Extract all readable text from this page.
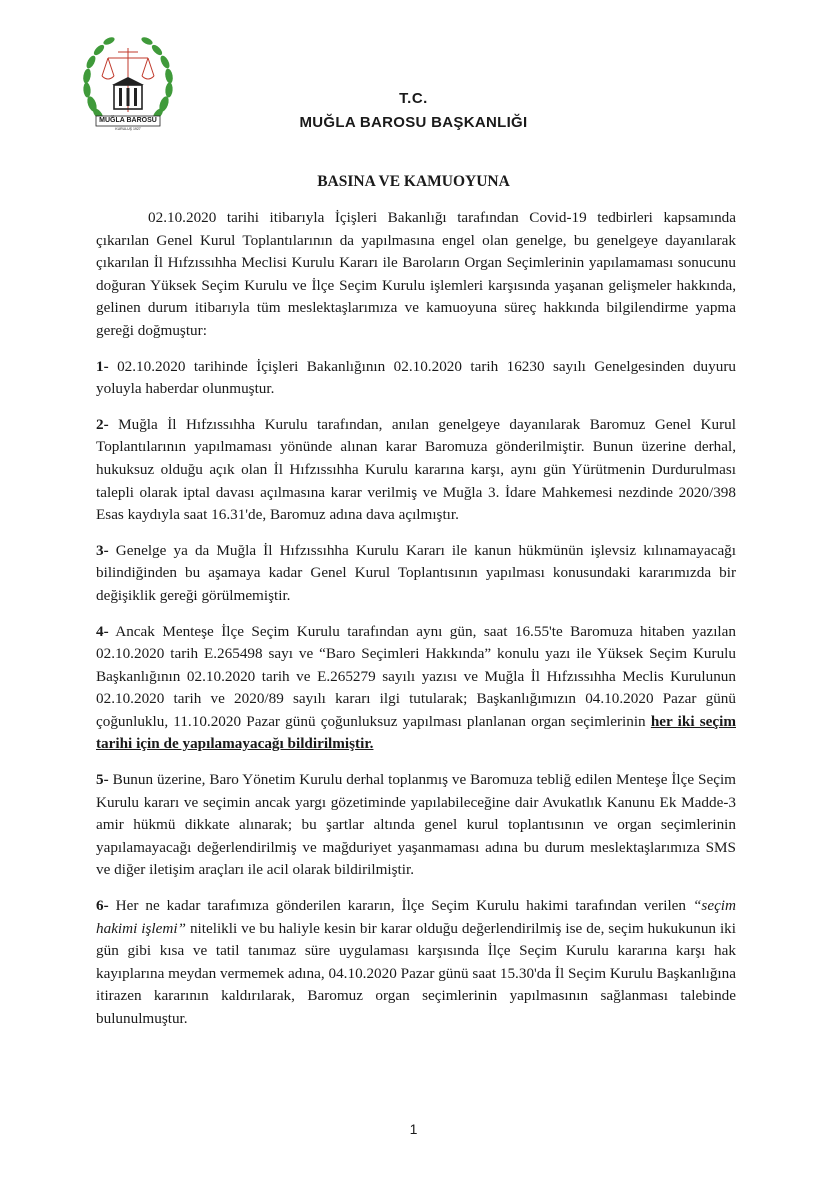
MUĞLA BAROSU
KURULUŞ 1927
T.C.
MUĞLA BAROSU BAŞKANLIĞI
BASINA VE KAMUOYUNA

02.10.2020 tarihi itibarıyla İçişleri Bakanlığı tarafından Covid-19 tedbirleri kapsamında çıkarılan Genel Kurul Toplantılarının da yapılmasına engel olan genelge, bu genelgeye dayanılarak çıkarılan İl Hıfzıssıhha Meclisi Kurulu Kararı ile Baroların Organ Seçimlerinin yapılamaması sonucunu doğuran Yüksek Seçim Kurulu ve İlçe Seçim Kurulu işlemleri karşısında yaşanan gelişmeler hakkında, gelinen durum itibarıyla tüm meslektaşlarımıza ve kamuoyuna süreç hakkında bilgilendirme yapma gereği doğmuştur:

1- 02.10.2020 tarihinde İçişleri Bakanlığının 02.10.2020 tarih 16230 sayılı Genelgesinden duyuru yoluyla haberdar olunmuştur.

2- Muğla İl Hıfzıssıhha Kurulu tarafından, anılan genelgeye dayanılarak Baromuz Genel Kurul Toplantılarının yapılmaması yönünde alınan karar Baromuza gönderilmiştir. Bunun üzerine derhal, hukuksuz olduğu açık olan İl Hıfzıssıhha Kurulu kararına karşı, aynı gün Yürütmenin Durdurulması talepli olarak iptal davası açılmasına karar verilmiş ve Muğla 3. İdare Mahkemesi nezdinde 2020/398 Esas kaydıyla saat 16.31'de, Baromuz adına dava açılmıştır.

3- Genelge ya da Muğla İl Hıfzıssıhha Kurulu Kararı ile kanun hükmünün işlevsiz kılınamayacağı bilindiğinden bu aşamaya kadar Genel Kurul Toplantısının yapılması konusundaki kararımızda bir değişiklik gereği görülmemiştir.

4- Ancak Menteşe İlçe Seçim Kurulu tarafından aynı gün, saat 16.55'te Baromuza hitaben yazılan 02.10.2020 tarih E.265498 sayı ve “Baro Seçimleri Hakkında” konulu yazı ile Yüksek Seçim Kurulu Başkanlığının 02.10.2020 tarih ve E.265279 sayılı yazısı ve Muğla İl Hıfzıssıhha Meclis Kurulunun 02.10.2020 tarih ve 2020/89 sayılı kararı ilgi tutularak; Başkanlığımızın 04.10.2020 Pazar günü çoğunluklu, 11.10.2020 Pazar günü çoğunluksuz yapılması planlanan organ seçimlerinin her iki seçim tarihi için de yapılamayacağı bildirilmiştir.

5- Bunun üzerine, Baro Yönetim Kurulu derhal toplanmış ve Baromuza tebliğ edilen Menteşe İlçe Seçim Kurulu kararı ve seçimin ancak yargı gözetiminde yapılabileceğine dair Avukatlık Kanunu Ek Madde-3 amir hükmü dikkate alınarak; bu şartlar altında genel kurul toplantısının ve organ seçimlerinin yapılamayacağı değerlendirilmiş ve mağduriyet yaşanmaması adına bu durum meslektaşlarımıza SMS ve diğer iletişim araçları ile acil olarak bildirilmiştir.

6- Her ne kadar tarafımıza gönderilen kararın, İlçe Seçim Kurulu hakimi tarafından verilen “seçim hakimi işlemi” nitelikli ve bu haliyle kesin bir karar olduğu değerlendirilmiş ise de, seçim hukukunun iki gün gibi kısa ve tatil tanımaz süre uygulaması karşısında İlçe Seçim Kurulu kararına karşı hak kayıplarına meydan vermemek adına, 04.10.2020 Pazar günü saat 15.30'da İl Seçim Kurulu Başkanlığına itirazen kararının kaldırılarak, Baromuz organ seçimlerinin yapılmasının sağlanması talebinde bulunulmuştur.

1
